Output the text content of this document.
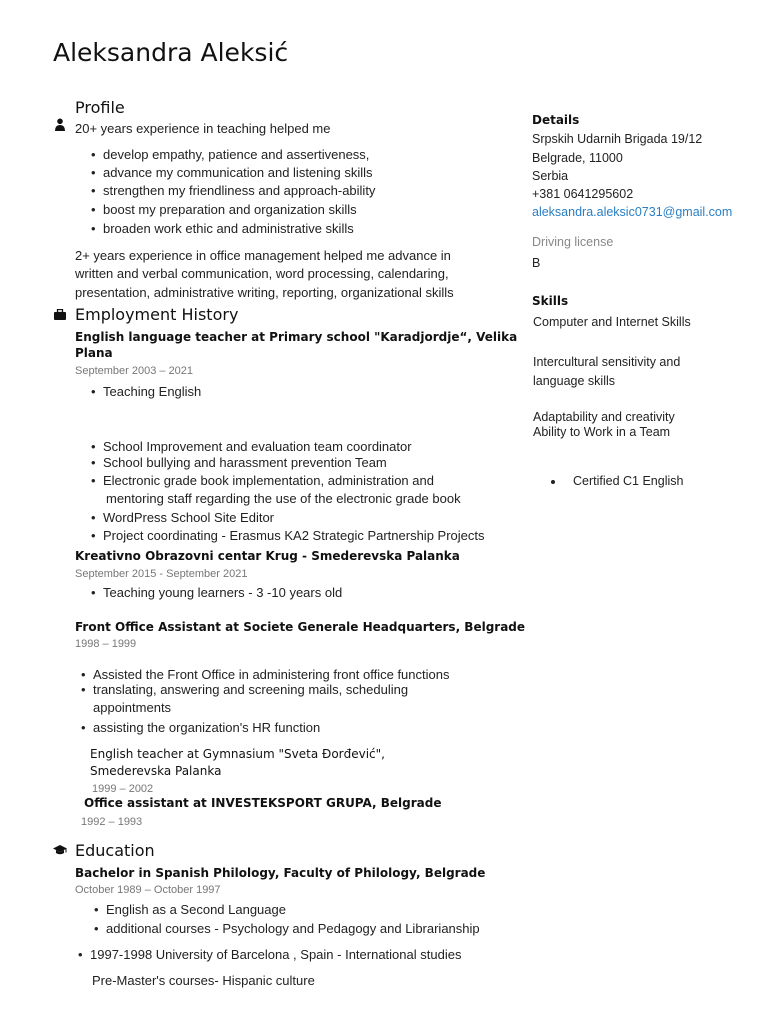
Aleksandra Aleksić
Profile
20+ years experience in teaching helped me
• develop empathy, patience and assertiveness,
• advance my communication and listening skills
• strengthen my friendliness and approach-ability
• boost my preparation and organization skills
• broaden work ethic and administrative skills
2+ years experience in office management helped me advance in
written and verbal communication, word processing, calendaring,
presentation, administrative writing, reporting, organizational skills
Employment History
English language teacher at Primary school "Karadjordje“, Velika
Plana
September 2003 – 2021
• Teaching English
• School Improvement and evaluation team coordinator
• School bullying and harassment prevention Team
• Electronic grade book implementation, administration and
mentoring staff regarding the use of the electronic grade book
• WordPress School Site Editor
• Project coordinating - Erasmus KA2 Strategic Partnership Projects
Kreativno Obrazovni centar Krug - Smederevska Palanka
September 2015 - September 2021
• Teaching young learners - 3 -10 years old
Front Office Assistant at Societe Generale Headquarters, Belgrade
1998 – 1999
• Assisted the Front Office in administering front office functions
• translating, answering and screening mails, scheduling
appointments
• assisting the organization's HR function
English teacher at Gymnasium "Sveta Đorđević",
Smederevska Palanka
1999 – 2002
Office assistant at INVESTEKSPORT GRUPA, Belgrade
1992 – 1993
Education
Bachelor in Spanish Philology, Faculty of Philology, Belgrade
October 1989 – October 1997
• English as a Second Language
• additional courses - Psychology and Pedagogy and Librarianship
• 1997-1998 University of Barcelona , Spain - International studies
Pre-Master's courses- Hispanic culture
Details
Srpskih Udarnih Brigada 19/12
Belgrade, 11000
Serbia
+381 0641295602
aleksandra.aleksic0731@gmail.com
Driving license
B
Skills
Computer and Internet Skills
Intercultural sensitivity and
language skills
Adaptability and creativity
Ability to Work in a Team
Certified C1 English
